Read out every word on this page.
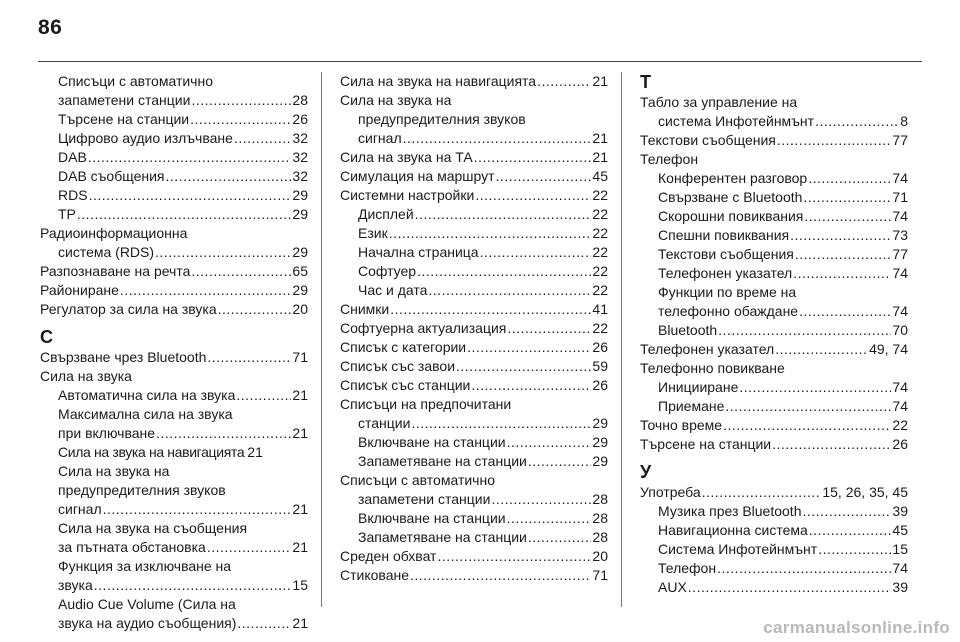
86
Списъци с автоматично
запаметени станции .....	28
Търсене на станции .....	26
Цифрово аудио излъчване .....	32
DAB .....	32
DAB съобщения .....	32
RDS .....	29
TP .....	29
Радиоинформационна
система (RDS) .....	29
Разпознаване на речта .....	65
Райониране .....	29
Регулатор за сила на звука .....	20
С
Свързване чрез Bluetooth .....	71
Сила на звука
Автоматична сила на звука .....	21
Максимална сила на звука
при включване .....	21
Сила на звука на навигацията 21
Сила на звука на
предупредителния звуков
сигнал .....	21
Сила на звука на съобщения
за пътната обстановка .....	21
Функция за изключване на
звука .....	15
Audio Cue Volume (Сила на
звука на аудио съобщения) .....	21
Сила на звука на навигацията .....	21
Сила на звука на
предупредителния звуков
сигнал .....	21
Сила на звука на ТА .....	21
Симулация на маршрут .....	45
Системни настройки .....	22
Дисплей .....	22
Език .....	22
Начална страница .....	22
Софтуер .....	22
Час и дата .....	22
Снимки .....	41
Софтуерна актуализация .....	22
Списък с категории .....	26
Списък със завои .....	59
Списък със станции .....	26
Списъци на предпочитани
станции .....	29
Включване на станции .....	29
Запаметяване на станции .....	29
Списъци с автоматично
запаметени станции .....	28
Включване на станции .....	28
Запаметяване на станции .....	28
Среден обхват .....	20
Стиковане .....	71
Т
Табло за управление на
система Инфотейнмънт .....	8
Текстови съобщения .....	77
Телефон
Конферентен разговор .....	74
Свързване с Bluetooth .....	71
Скорошни повиквания .....	74
Спешни повиквания .....	73
Текстови съобщения .....	77
Телефонен указател .....	74
Функции по време на
телефонно обаждане .....	74
Bluetooth .....	70
Телефонен указател .....	49, 74
Телефонно повикване
Иницииране .....	74
Приемане .....	74
Точно време .....	22
Търсене на станции .....	26
У
Употреба .....	15, 26, 35, 45
Музика през Bluetooth .....	39
Навигационна система .....	45
Система Инфотейнмънт .....	15
Телефон .....	74
AUX .....	39
carmanualsonline.info
